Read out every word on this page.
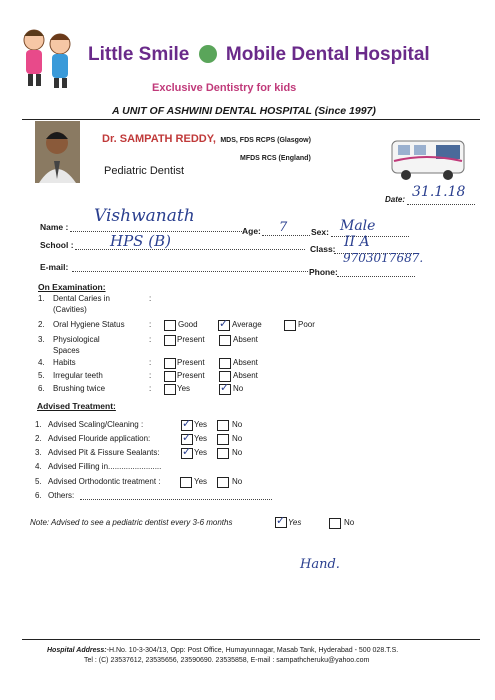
Little Smile Mobile Dental Hospital
Exclusive Dentistry for kids
A UNIT OF ASHWINI DENTAL HOSPITAL (Since 1997)
Dr. SAMPATH REDDY, MDS, FDS RCPS (Glasgow)
MFDS RCS (England)
Pediatric Dentist
Date: 31.1.18
Name :
Vishwanath
Age: 7	Sex: Male
School : HPS (B)	Class: II A
E-mail:	Phone:
9703017687.
On Examination:
1. Dental Caries in
(Cavities)
:
2. Oral Hygiene Status	:	Good ✓	Average	Poor
3. Physiological
Spaces
:	Present	Absent
4. Habits	:	Present	Absent
5. Irregular teeth	:	Present	Absent
6. Brushing twice	:	Yes ✓	No
Advised Treatment:
1. Advised Scaling/Cleaning : ✓	Yes	No
2. Advised Flouride application: ✓	Yes	No
3. Advised Pit & Fissure Sealants: ✓	Yes	No
4. Advised Filling in........................
5. Advised Orthodontic treatment :	Yes	No
6. Others:
Note: Advised to see a pediatric dentist every 3-6 months ✓	Yes	No
Hand.
Hospital Address:-H.No. 10-3-304/13, Opp: Post Office, Humayunnagar, Masab Tank, Hyderabad - 500 028.T.S.
Tel : (C) 23537612, 23535656, 23590690. 23535858, E-mail : sampathcheruku@yahoo.com
